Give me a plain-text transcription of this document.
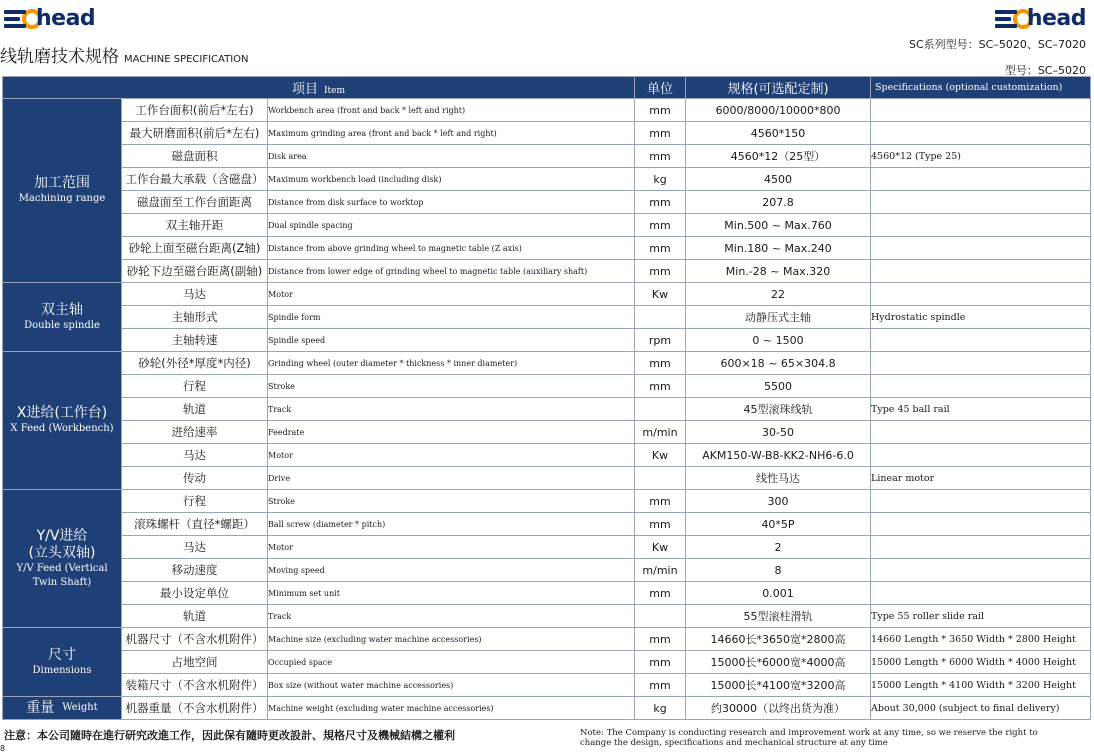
head	head
线轨磨技术规格 MACHINE SPECIFICATION
SC系列型号：SC–5020、SC–7020
型号：SC–5020
项目 Item			单位	规格(可选配定制)	Specifications (optional customization)

加工范围
Machining range	工作台面积(前后*左右)	Workbench area (front and back * left and right)	mm	6000/8000/10000*800	
	最大研磨面积(前后*左右)	Maximum grinding area (front and back * left and right)	mm	4560*150	
	磁盘面积	Disk area	mm	4560*12（25型）	4560*12 (Type 25)
	工作台最大承载（含磁盘）	Maximum workbench load (including disk)	kg	4500	
	磁盘面至工作台面距离	Distance from disk surface to worktop	mm	207.8	
	双主轴开距	Dual spindle spacing	mm	Min.500 ~ Max.760	
	砂轮上面至磁台距离(Z轴)	Distance from above grinding wheel to magnetic table (Z axis)	mm	Min.180 ~ Max.240	
	砂轮下边至磁台距离(副轴)	Distance from lower edge of grinding wheel to magnetic table (auxiliary shaft)	mm	Min.-28 ~ Max.320	

双主轴
Double spindle	马达	Motor	Kw	22	
	主轴形式	Spindle form		动静压式主轴	Hydrostatic spindle
	主轴转速	Spindle speed	rpm	0 ~ 1500	

X进给(工作台)
X Feed (Workbench)	砂轮(外径*厚度*内径)	Grinding wheel (outer diameter * thickness * inner diameter)	mm	600×18 ~ 65×304.8	
	行程	Stroke	mm	5500	
	轨道	Track		45型滚珠线轨	Type 45 ball rail
	进给速率	Feedrate	m/min	30-50	
	马达	Motor	Kw	AKM150-W-B8-KK2-NH6-6.0	
	传动	Drive		线性马达	Linear motor

Y/V进给
(立头双轴)
Y/V Feed (Vertical Twin Shaft)	行程	Stroke	mm	300	
	滚珠螺杆（直径*螺距）	Ball screw (diameter * pitch)	mm	40*5P	
	马达	Motor	Kw	2	
	移动速度	Moving speed	m/min	8	
	最小设定单位	Minimum set unit	mm	0.001	
	轨道	Track		55型滚柱滑轨	Type 55 roller slide rail

尺寸
Dimensions	机器尺寸（不含水机附件）	Machine size (excluding water machine accessories)	mm	14660长*3650宽*2800高	14660 Length * 3650 Width * 2800 Height
	占地空间	Occupied space	mm	15000长*6000宽*4000高	15000 Length * 6000 Width * 4000 Height
	装箱尺寸（不含水机附件）	Box size (without water machine accessories)	mm	15000长*4100宽*3200高	15000 Length * 4100 Width * 3200 Height

重量 Weight	机器重量（不含水机附件）	Machine weight (excluding water machine accessories)	kg	约30000（以终出货为准）	About 30,000 (subject to final delivery)
注意：本公司隨時在進行研究改進工作，因此保有隨時更改設計、規格尺寸及機械結構之權利	Note: The Company is conducting research and improvement work at any time, so we reserve the right to change the design, specifications and mechanical structure at any time
8
